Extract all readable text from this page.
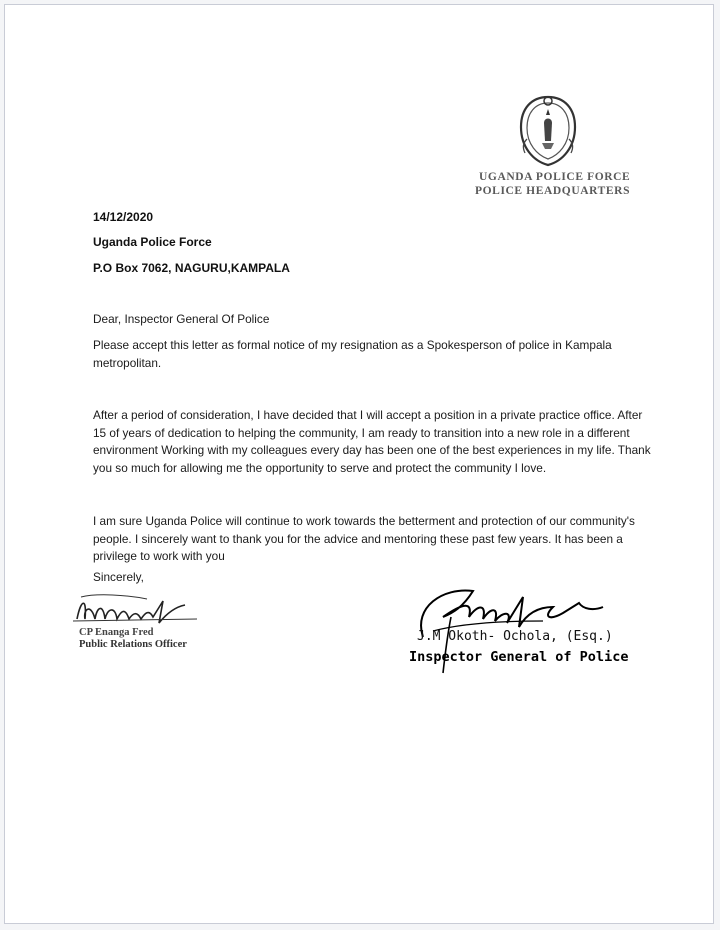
UGANDA POLICE FORCE
POLICE HEADQUARTERS
14/12/2020
Uganda Police Force
P.O Box 7062, NAGURU,KAMPALA
Dear, Inspector General Of Police
Please accept this letter as formal notice of my resignation as a Spokesperson of police in Kampala metropolitan.
After a period of consideration, I have decided that I will accept a position in a private practice office. After 15 of years of dedication to helping the community, I am ready to transition into a new role in a different environment Working with my colleagues every day has been one of the best experiences in my life. Thank you so much for allowing me the opportunity to serve and protect the community I love.
I am sure Uganda Police will continue to work towards the betterment and protection of our community's people. I sincerely want to thank you for the advice and mentoring these past few years. It has been a privilege to work with you
Sincerely,
CP Enanga Fred
Public Relations Officer
J.M Okoth- Ochola, (Esq.)
Inspector General of Police
